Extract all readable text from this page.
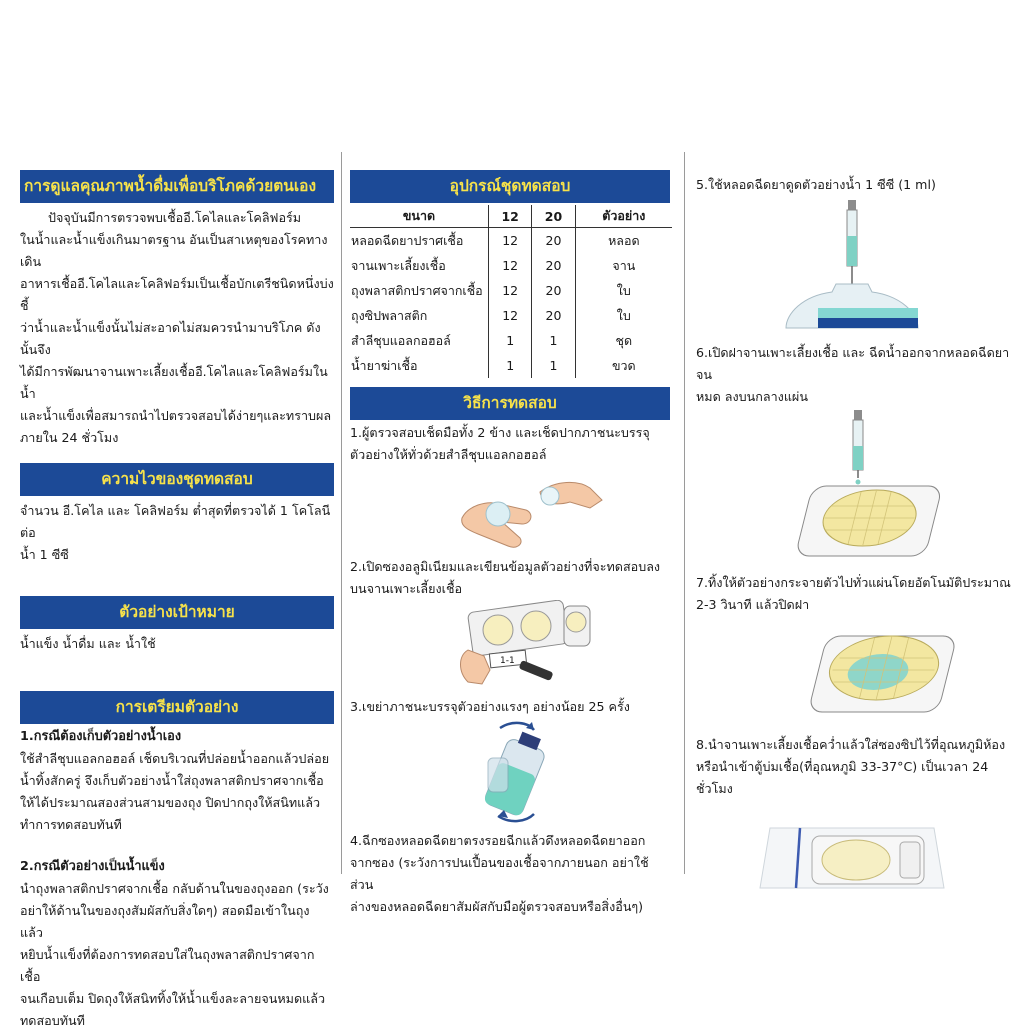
การดูแลคุณภาพน้ำดื่มเพื่อบริโภคด้วยตนเอง

ปัจจุบันมีการตรวจพบเชื้ออี.โคไลและโคลิฟอร์ม

ในน้ำและน้ำแข็งเกินมาตรฐาน อันเป็นสาเหตุของโรคทางเดิน

อาหารเชื้ออี.โคไลและโคลิฟอร์มเป็นเชื้อบักเตรีชนิดหนึ่งบ่งชี้

ว่าน้ำและน้ำแข็งนั้นไม่สะอาดไม่สมควรนำมาบริโภค ดังนั้นจึง

ได้มีการพัฒนาจานเพาะเลี้ยงเชื้ออี.โคไลและโคลิฟอร์มในน้ำ

และน้ำแข็งเพื่อสมารถนำไปตรวจสอบได้ง่ายๆและทราบผล

ภายใน 24 ชั่วโมง

ความไวของชุดทดสอบ

จำนวน อี.โคไล และ โคลิฟอร์ม ต่ำสุดที่ตรวจได้ 1 โคโลนี ต่อ

น้ำ 1 ซีซี

ตัวอย่างเป้าหมาย

น้ำแข็ง น้ำดื่ม และ น้ำใช้

การเตรียมตัวอย่าง

1.กรณีต้องเก็บตัวอย่างน้ำเอง

ใช้สำลีชุบแอลกอฮอล์ เช็ดบริเวณที่ปล่อยน้ำออกแล้วปล่อย

น้ำทิ้งสักครู่ จึงเก็บตัวอย่างน้ำใส่ถุงพลาสติกปราศจากเชื้อ

ให้ได้ประมาณสองส่วนสามของถุง ปิดปากถุงให้สนิทแล้ว

ทำการทดสอบทันที

2.กรณีตัวอย่างเป็นน้ำแข็ง

นำถุงพลาสติกปราศจากเชื้อ กลับด้านในของถุงออก (ระวัง

อย่าให้ด้านในของถุงสัมผัสกับสิ่งใดๆ) สอดมือเข้าในถุง แล้ว

หยิบน้ำแข็งที่ต้องการทดสอบใส่ในถุงพลาสติกปราศจากเชื้อ

จนเกือบเต็ม ปิดถุงให้สนิททิ้งให้น้ำแข็งละลายจนหมดแล้ว

ทดสอบทันที

อุปกรณ์ชุดทดสอบ
ขนาด	12	20	ตัวอย่าง
หลอดฉีดยาปราศเชื้อ	12	20	หลอด
จานเพาะเลี้ยงเชื้อ	12	20	จาน
ถุงพลาสติกปราศจากเชื้อ	12	20	ใบ
ถุงซิปพลาสติก	12	20	ใบ
สำลีชุบแอลกอฮอล์	1	1	ชุด
น้ำยาฆ่าเชื้อ	1	1	ขวด
วิธีการทดสอบ

1.ผู้ตรวจสอบเช็ดมือทั้ง 2 ข้าง และเช็ดปากภาชนะบรรจุ

ตัวอย่างให้ทั่วด้วยสำลีชุบแอลกอฮอล์

2.เปิดซองอลูมิเนียมและเขียนข้อมูลตัวอย่างที่จะทดสอบลง

บนจานเพาะเลี้ยงเชื้อ

1-1

3.เขย่าภาชนะบรรจุตัวอย่างแรงๆ อย่างน้อย 25 ครั้ง

4.ฉีกซองหลอดฉีดยาตรงรอยฉีกแล้วดึงหลอดฉีดยาออก

จากซอง (ระวังการปนเปื้อนของเชื้อจากภายนอก อย่าใช้ส่วน

ล่างของหลอดฉีดยาสัมผัสกับมือผู้ตรวจสอบหรือสิ่งอื่นๆ)

5.ใช้หลอดฉีดยาดูดตัวอย่างน้ำ 1 ซีซี (1 ml)

6.เปิดฝาจานเพาะเลี้ยงเชื้อ และ ฉีดน้ำออกจากหลอดฉีดยาจน

หมด ลงบนกลางแผ่น

7.ทิ้งให้ตัวอย่างกระจายตัวไปทั่วแผ่นโดยอัตโนมัติประมาณ

2-3 วินาที แล้วปิดฝา

8.นำจานเพาะเลี้ยงเชื้อคว่ำแล้วใส่ซองซิปไว้ที่อุณหภูมิห้อง

หรือนำเข้าตู้บ่มเชื้อ(ที่อุณหภูมิ 33-37°C) เป็นเวลา 24 ชั่วโมง
